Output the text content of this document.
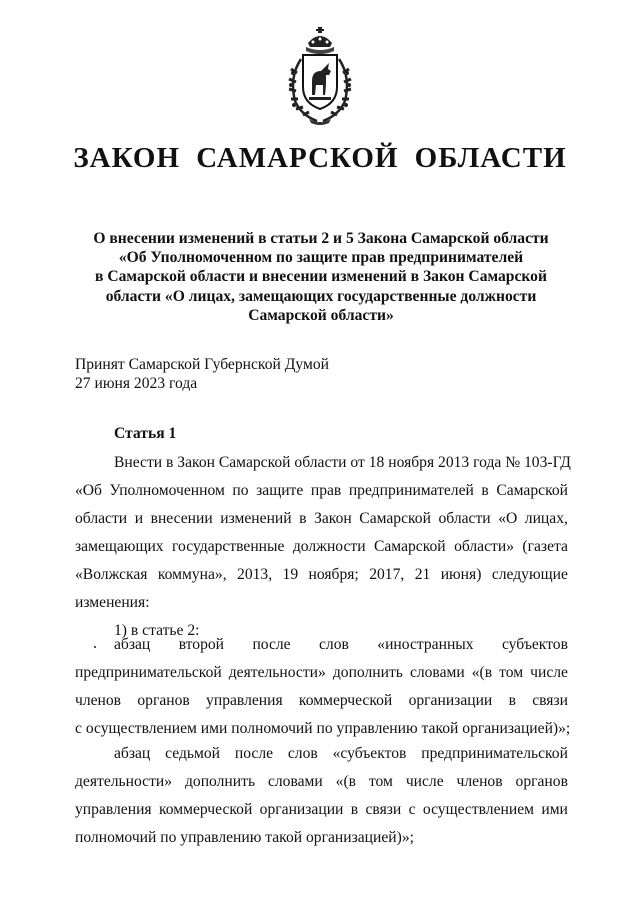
ЗАКОН САМАРСКОЙ ОБЛАСТИ
О внесении изменений в статьи 2 и 5 Закона Самарской области
«Об Уполномоченном по защите прав предпринимателей
в Самарской области и внесении изменений в Закон Самарской
области «О лицах, замещающих государственные должности
Самарской области»
Принят Самарской Губернской Думой
27 июня 2023 года
Статья 1
Внести в Закон Самарской области от 18 ноября 2013 года № 103-ГД
«Об Уполномоченном по защите прав предпринимателей в Самарской
области и внесении изменений в Закон Самарской области «О лицах,
замещающих государственные должности Самарской области» (газета
«Волжская коммуна», 2013, 19 ноября; 2017, 21 июня) следующие
изменения:
1) в статье 2:
абзац второй после слов «иностранных субъектов
предпринимательской деятельности» дополнить словами «(в том числе
членов органов управления коммерческой организации в связи
с осуществлением ими полномочий по управлению такой организацией)»;
абзац седьмой после слов «субъектов предпринимательской
деятельности» дополнить словами «(в том числе членов органов
управления коммерческой организации в связи с осуществлением ими
полномочий по управлению такой организацией)»;
